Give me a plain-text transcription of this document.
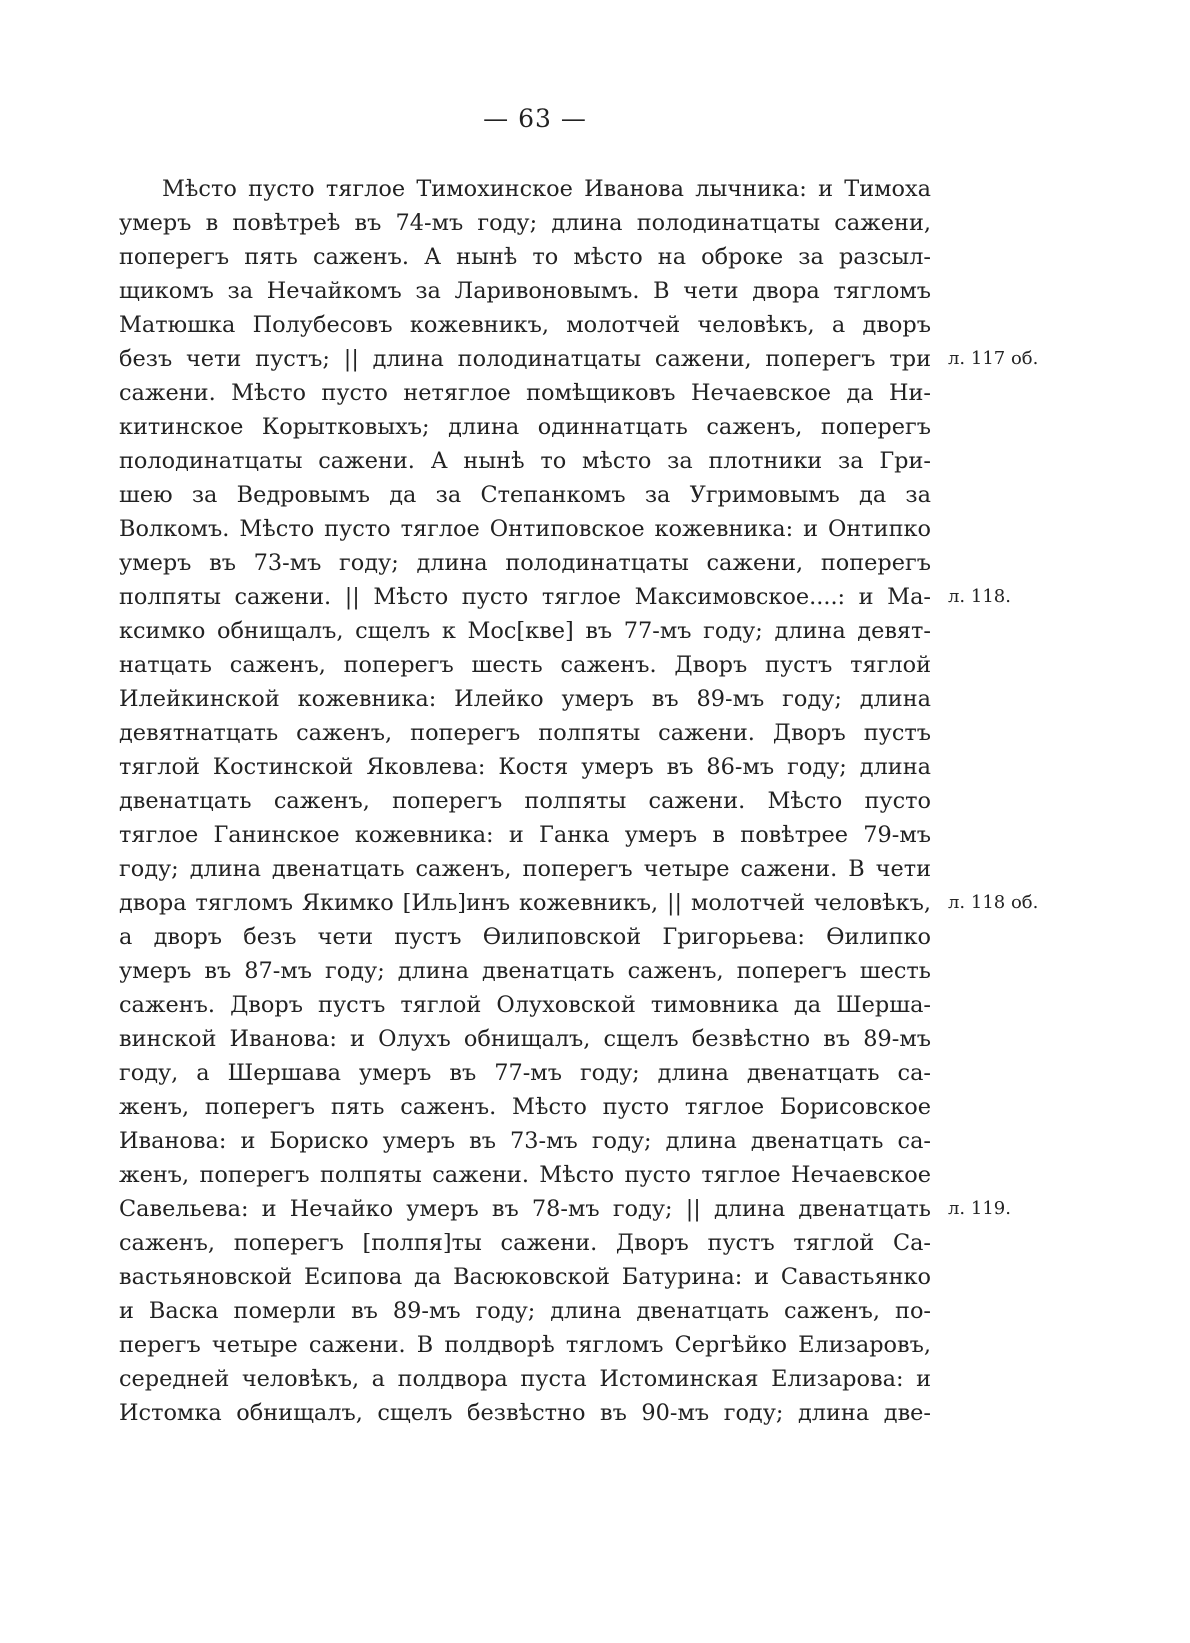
— 63 —
Мѣсто пусто тяглое Тимохинское Иванова лычника: и Тимоха
умеръ в повѣтреѣ въ 74-мъ году; длина полодинатцаты сажени,
поперегъ пять саженъ. А нынѣ то мѣсто на оброке за разсыл-
щикомъ за Нечайкомъ за Ларивоновымъ. В чети двора тягломъ
Матюшка Полубесовъ кожевникъ, молотчей человѣкъ, а дворъ
безъ чети пустъ; || длина полодинатцаты сажени, поперегъ три
сажени. Мѣсто пусто нетяглое помѣщиковъ Нечаевское да Ни-
китинское Корытковыхъ; длина одиннатцать саженъ, поперегъ
полодинатцаты сажени. А нынѣ то мѣсто за плотники за Гри-
шею за Ведровымъ да за Степанкомъ за Угримовымъ да за
Волкомъ. Мѣсто пусто тяглое Онтиповское кожевника: и Онтипко
умеръ въ 73-мъ году; длина полодинатцаты сажени, поперегъ
полпяты сажени. || Мѣсто пусто тяглое Максимовское....: и Ма-
ксимко обнищалъ, сщелъ к Мос[кве] въ 77-мъ году; длина девят-
натцать саженъ, поперегъ шесть саженъ. Дворъ пустъ тяглой
Илейкинской кожевника: Илейко умеръ въ 89-мъ году; длина
девятнатцать саженъ, поперегъ полпяты сажени. Дворъ пустъ
тяглой Костинской Яковлева: Костя умеръ въ 86-мъ году; длина
двенатцать саженъ, поперегъ полпяты сажени. Мѣсто пусто
тяглое Ганинское кожевника: и Ганка умеръ в повѣтрее 79-мъ
году; длина двенатцать саженъ, поперегъ четыре сажени. В чети
двора тягломъ Якимко [Иль]инъ кожевникъ, || молотчей человѣкъ,
а дворъ безъ чети пустъ Ѳилиповской Григорьева: Ѳилипко
умеръ въ 87-мъ году; длина двенатцать саженъ, поперегъ шесть
саженъ. Дворъ пустъ тяглой Олуховской тимовника да Шерша-
винской Иванова: и Олухъ обнищалъ, сщелъ безвѣстно въ 89-мъ
году, а Шершава умеръ въ 77-мъ году; длина двенатцать са-
женъ, поперегъ пять саженъ. Мѣсто пусто тяглое Борисовское
Иванова: и Бориско умеръ въ 73-мъ году; длина двенатцать са-
женъ, поперегъ полпяты сажени. Мѣсто пусто тяглое Нечаевское
Савельева: и Нечайко умеръ въ 78-мъ году; || длина двенатцать
саженъ, поперегъ [полпя]ты сажени. Дворъ пустъ тяглой Са-
вастьяновской Есипова да Васюковской Батурина: и Савастьянко
и Васка померли въ 89-мъ году; длина двенатцать саженъ, по-
перегъ четыре сажени. В полдворѣ тягломъ Сергѣйко Елизаровъ,
середней человѣкъ, а полдвора пуста Истоминская Елизарова: и
Истомка обнищалъ, сщелъ безвѣстно въ 90-мъ году; длина две-
л. 117 об.
л. 118.
л. 118 об.
л. 119.
